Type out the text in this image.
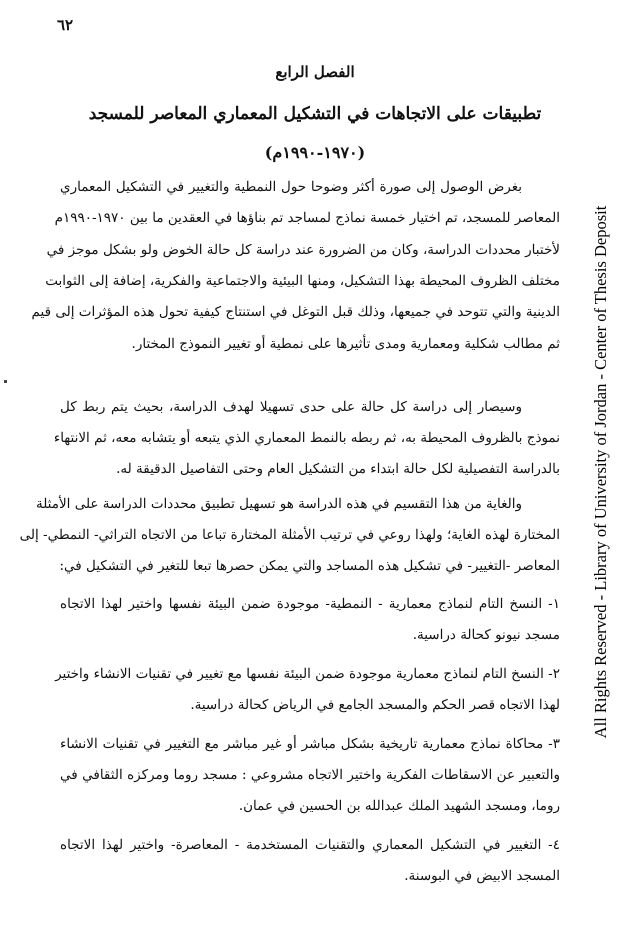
٦٢
الفصل الرابع
تطبيقات على الاتجاهات في التشكيل المعماري المعاصر للمسجد
(١٩٧٠-١٩٩٠م)
بغرض الوصول إلى صورة أكثر وضوحا حول النمطية والتغيير في التشكيل المعماري
المعاصر للمسجد، تم اختيار خمسة نماذج لمساجد تم بناؤها في العقدين ما بين ١٩٧٠-١٩٩٠م
لأختبار محددات الدراسة، وكان من الضرورة عند دراسة كل حالة الخوض ولو بشكل موجز في
مختلف الظروف المحيطة بهذا التشكيل، ومنها البيئية والاجتماعية والفكرية، إضافة إلى الثوابت
الدينية والتي تتوحد في جميعها، وذلك قبل التوغل في استنتاج كيفية تحول هذه المؤثرات إلى قيم
ثم مطالب شكلية ومعمارية ومدى تأثيرها على نمطية أو تغيير النموذج المختار.
وسيصار إلى دراسة كل حالة على حدى تسهيلا لهدف الدراسة، بحيث يتم ربط كل
نموذج بالظروف المحيطة به، ثم ربطه بالنمط المعماري الذي يتبعه أو يتشابه معه، ثم الانتهاء
بالدراسة التفصيلية لكل حالة ابتداء من التشكيل العام وحتى التفاصيل الدقيقة له.
والغاية من هذا التقسيم في هذه الدراسة هو تسهيل تطبيق محددات الدراسة على الأمثلة
المختارة لهذه الغاية؛ ولهذا روعي في ترتيب الأمثلة المختارة تباعا من الاتجاه التراثي- النمطي- إلى
المعاصر -التغيير- في تشكيل هذه المساجد والتي يمكن حصرها تبعا للتغير في التشكيل في:
١- النسخ التام لنماذج معمارية - النمطية- موجودة ضمن البيئة نفسها واختير لهذا الاتجاه
مسجد نيونو كحالة دراسية.
٢- النسخ التام لنماذج معمارية موجودة ضمن البيئة نفسها مع تغيير في تقنيات الانشاء واختير
لهذا الاتجاه قصر الحكم والمسجد الجامع في الرياض كحالة دراسية.
٣- محاكاة نماذج معمارية تاريخية بشكل مباشر أو غير مباشر مع التغيير في تقنيات الانشاء
والتعبير عن الاسقاطات الفكرية واختير الاتجاه مشروعي : مسجد روما ومركزه الثقافي في
روما، ومسجد الشهيد الملك عبدالله بن الحسين في عمان.
٤- التغيير في التشكيل المعماري والتقنيات المستخدمة - المعاصرة- واختير لهذا الاتجاه
المسجد الابيض في البوسنة.
All Rights Reserved - Library of University of Jordan - Center of Thesis Deposit
